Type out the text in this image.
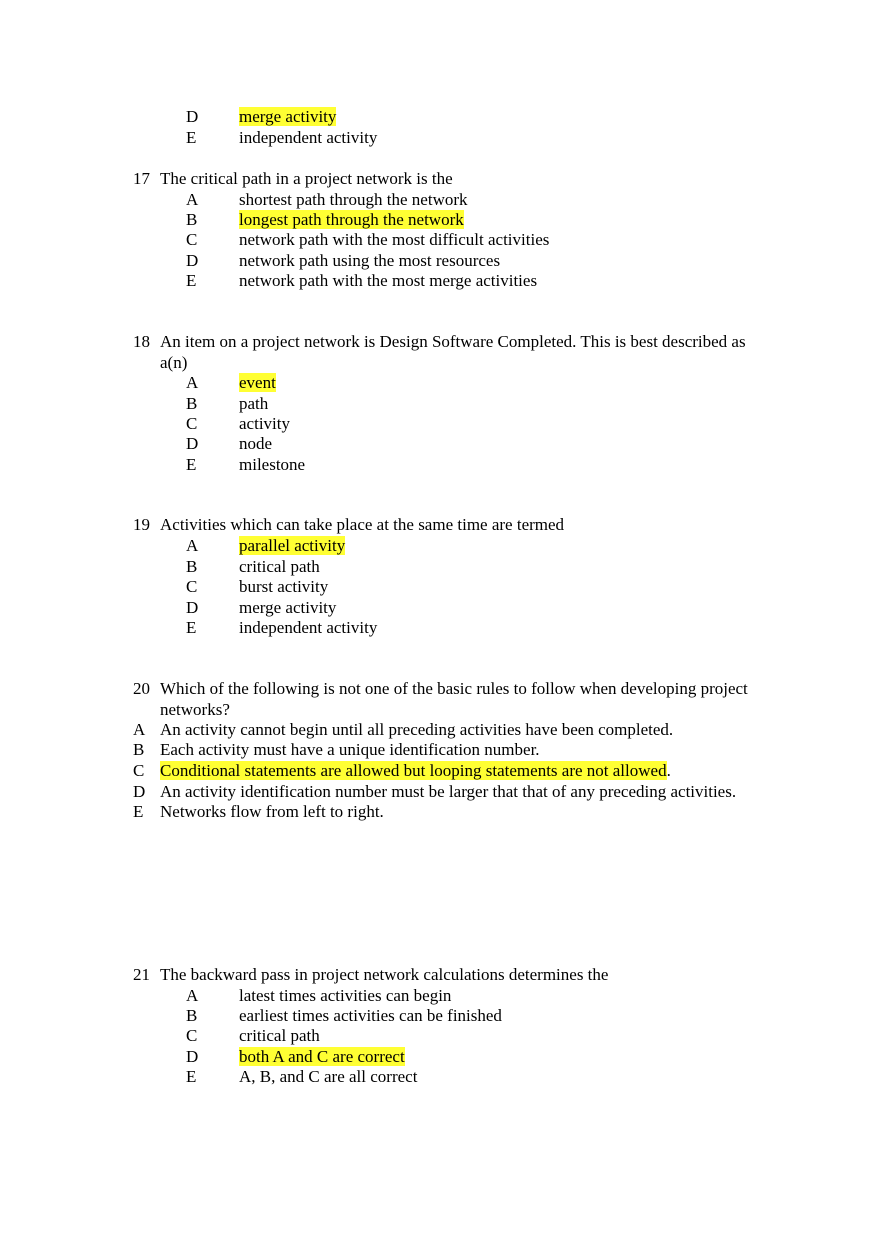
D	merge activity
E	independent activity
17 The critical path in a project network is the
A	shortest path through the network
B	longest path through the network
C	network path with the most difficult activities
D	network path using the most resources
E	network path with the most merge activities
18 An item on a project network is Design Software Completed. This is best described as
a(n)
A	event
B	path
C	activity
D	node
E	milestone
19 Activities which can take place at the same time are termed
A	parallel activity
B	critical path
C	burst activity
D	merge activity
E	independent activity
20 Which of the following is not one of the basic rules to follow when developing project
networks?
A An activity cannot begin until all preceding activities have been completed.
B Each activity must have a unique identification number.
C Conditional statements are allowed but looping statements are not allowed.
D An activity identification number must be larger that that of any preceding activities.
E Networks flow from left to right.
21 The backward pass in project network calculations determines the
A	latest times activities can begin
B	earliest times activities can be finished
C	critical path
D	both A and C are correct
E	A, B, and C are all correct
